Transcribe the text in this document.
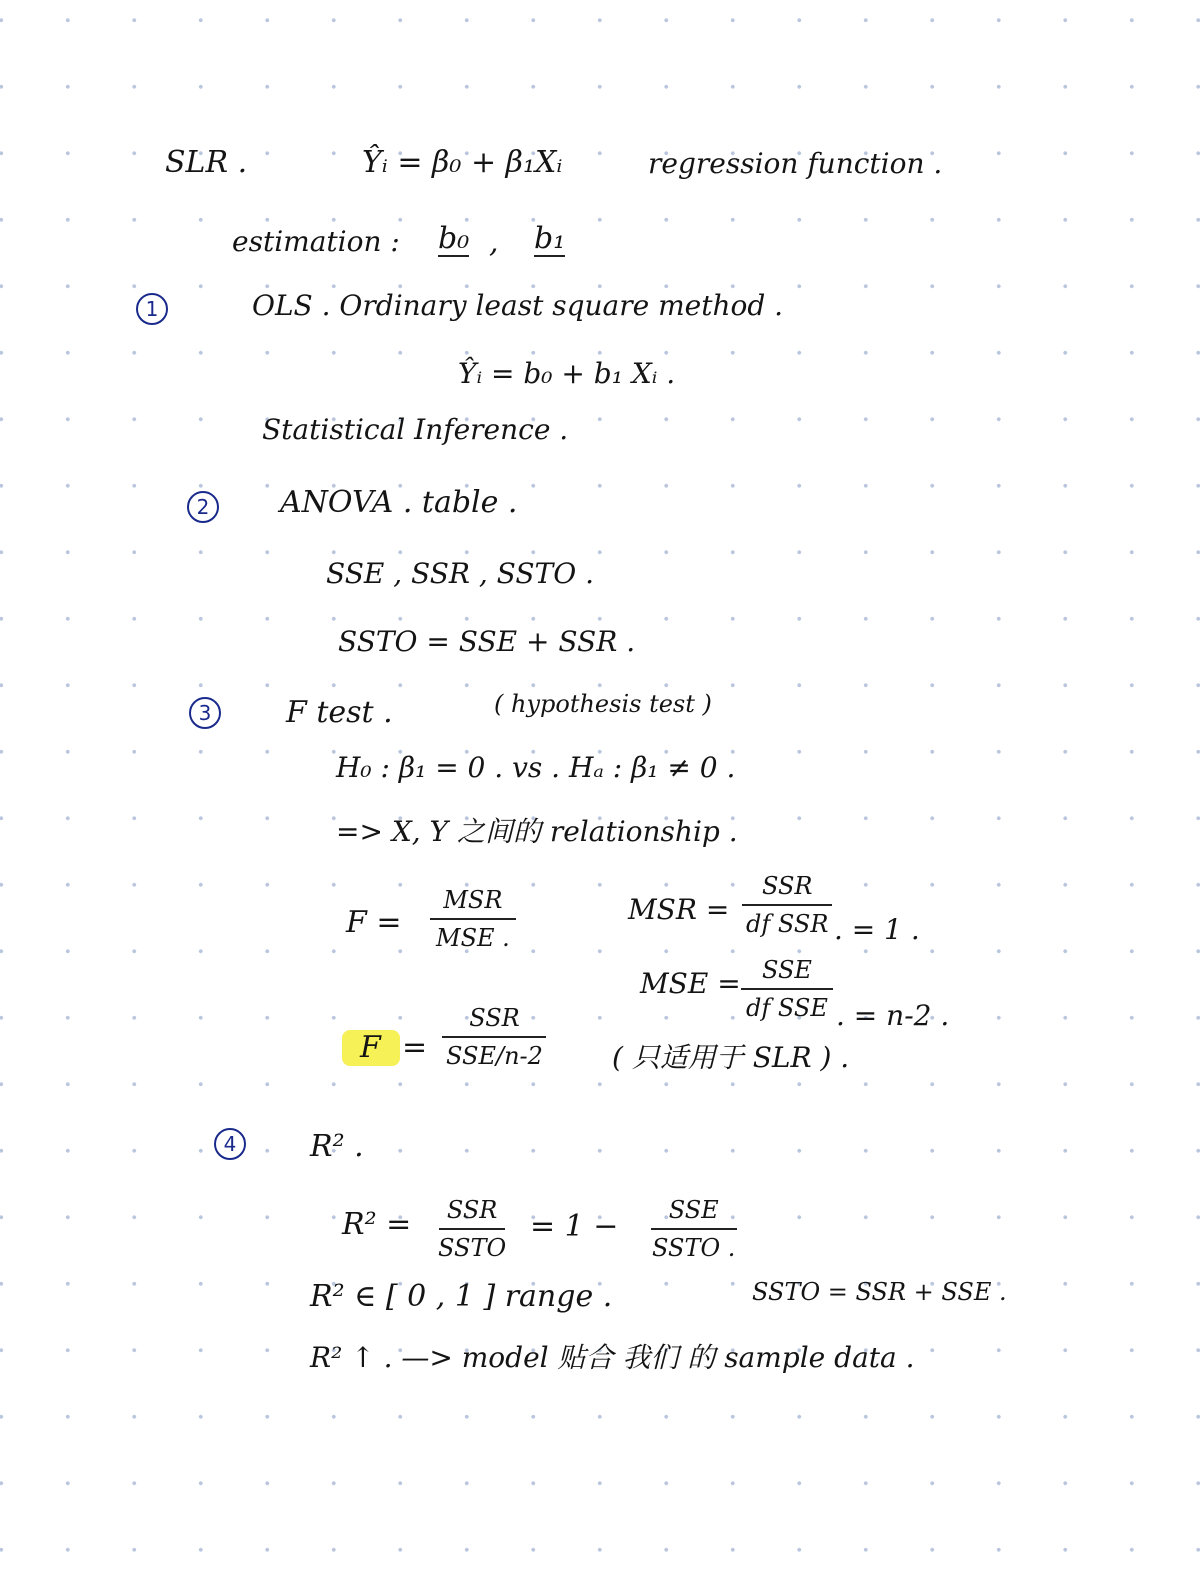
SLR .	Ŷᵢ = β₀ + β₁Xᵢ	regression function .
estimation : b₀ , b₁
1	OLS . Ordinary least square method .
Ŷᵢ = b₀ + b₁ Xᵢ .
Statistical Inference .
2	ANOVA . table .
SSE , SSR , SSTO .
SSTO = SSE + SSR .
3	F test .	( hypothesis test )
H₀ : β₁ = 0 . vs . Hₐ : β₁ ≠ 0 .
=> X, Y 之间的 relationship .
F =
MSR
MSE .
MSR =
SSR
df SSR . = 1 .
MSE = SSE
df SSE . = n-2 .
F =
SSR
SSE/n-2 ( 只适用于 SLR ) .
4	R² .
R² = SSR
SSTO
= 1 − SSE
SSTO .
R² ∈ [ 0 , 1 ] range .	SSTO = SSR + SSE .
R² ↑ . —> model 贴合 我们 的 sample data .
